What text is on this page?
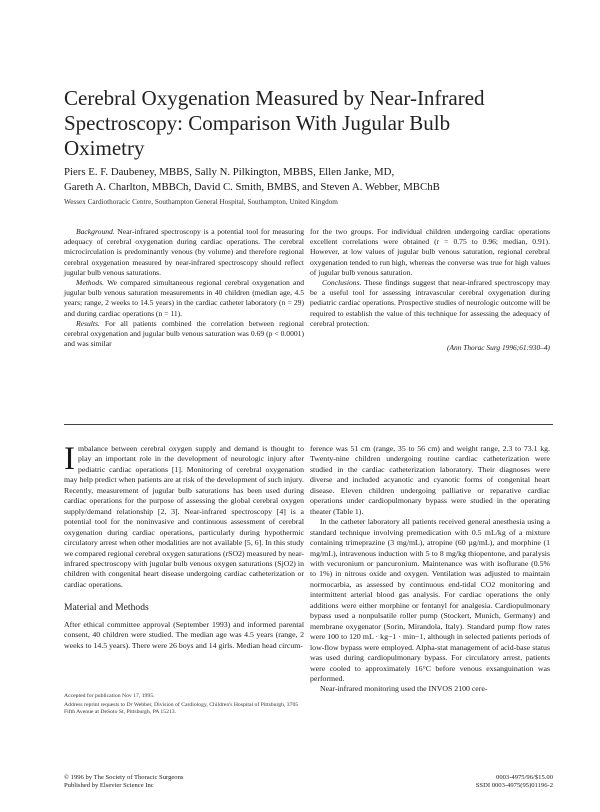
Cerebral Oxygenation Measured by Near-Infrared Spectroscopy: Comparison With Jugular Bulb Oximetry

Piers E. F. Daubeney, MBBS, Sally N. Pilkington, MBBS, Ellen Janke, MD,
Gareth A. Charlton, MBBCh, David C. Smith, BMBS, and Steven A. Webber, MBChB

Wessex Cardiothoracic Centre, Southampton General Hospital, Southampton, United Kingdom

Background. Near-infrared spectroscopy is a potential tool for measuring adequacy of cerebral oxygenation during cardiac operations. The cerebral microcirculation is predominantly venous (by volume) and therefore regional cerebral oxygenation measured by near-infrared spectroscopy should reflect jugular bulb venous saturations.

Methods. We compared simultaneous regional cerebral oxygenation and jugular bulb venous saturation measurements in 40 children (median age, 4.5 years; range, 2 weeks to 14.5 years) in the cardiac catheter laboratory (n = 29) and during cardiac operations (n = 11).

Results. For all patients combined the correlation between regional cerebral oxygenation and jugular bulb venous saturation was 0.69 (p < 0.0001) and was similar

for the two groups. For individual children undergoing cardiac operations excellent correlations were obtained (r = 0.75 to 0.96; median, 0.91). However, at low values of jugular bulb venous saturation, regional cerebral oxygenation tended to run high, whereas the converse was true for high values of jugular bulb venous saturation.

Conclusions. These findings suggest that near-infrared spectroscopy may be a useful tool for assessing intravascular cerebral oxygenation during pediatric cardiac operations. Prospective studies of neurologic outcome will be required to establish the value of this technique for assessing the adequacy of cerebral protection.

(Ann Thorac Surg 1996;61:930–4)

Imbalance between cerebral oxygen supply and demand is thought to play an important role in the development of neurologic injury after pediatric cardiac operations [1]. Monitoring of cerebral oxygenation may help predict when patients are at risk of the development of such injury. Recently, measurement of jugular bulb saturations has been used during cardiac operations for the purpose of assessing the global cerebral oxygen supply/demand relationship [2, 3]. Near-infrared spectroscopy [4] is a potential tool for the noninvasive and continuous assessment of cerebral oxygenation during cardiac operations, particularly during hypothermic circulatory arrest when other modalities are not available [5, 6]. In this study we compared regional cerebral oxygen saturations (rSO2) measured by near-infrared spectroscopy with jugular bulb venous oxygen saturations (SjO2) in children with congenital heart disease undergoing cardiac catheterization or cardiac operations.

Material and Methods

After ethical committee approval (September 1993) and informed parental consent, 40 children were studied. The median age was 4.5 years (range, 2 weeks to 14.5 years). There were 26 boys and 14 girls. Median head circum-

Accepted for publication Nov 17, 1995.

Address reprint requests to Dr Webber, Division of Cardiology, Children's Hospital of Pittsburgh, 3705 Fifth Avenue at DeSoto St, Pittsburgh, PA 15213.

ference was 51 cm (range, 35 to 56 cm) and weight range, 2.3 to 73.1 kg. Twenty-nine children undergoing routine cardiac catheterization were studied in the cardiac catheterization laboratory. Their diagnoses were diverse and included acyanotic and cyanotic forms of congenital heart disease. Eleven children undergoing palliative or reparative cardiac operations under cardiopulmonary bypass were studied in the operating theater (Table 1).

In the catheter laboratory all patients received general anesthesia using a standard technique involving premedication with 0.5 mL/kg of a mixture containing trimeprazine (3 mg/mL), atropine (60 µg/mL), and morphine (1 mg/mL), intravenous induction with 5 to 8 mg/kg thiopentone, and paralysis with vecuronium or pancuronium. Maintenance was with isoflurane (0.5% to 1%) in nitrous oxide and oxygen. Ventilation was adjusted to maintain normocarbia, as assessed by continuous end-tidal CO2 monitoring and intermittent arterial blood gas analysis. For cardiac operations the only additions were either morphine or fentanyl for analgesia. Cardiopulmonary bypass used a nonpulsatile roller pump (Stockert, Munich, Germany) and membrane oxygenator (Sorin, Mirandola, Italy). Standard pump flow rates were 100 to 120 mL · kg−1 · min−1, although in selected patients periods of low-flow bypass were employed. Alpha-stat management of acid-base status was used during cardiopulmonary bypass. For circulatory arrest, patients were cooled to approximately 16°C before venous exsanguination was performed.

Near-infrared monitoring used the INVOS 2100 cere-

© 1996 by The Society of Thoracic Surgeons
Published by Elsevier Science Inc
0003-4975/96/$15.00
SSDI 0003-4975(95)01196-2
